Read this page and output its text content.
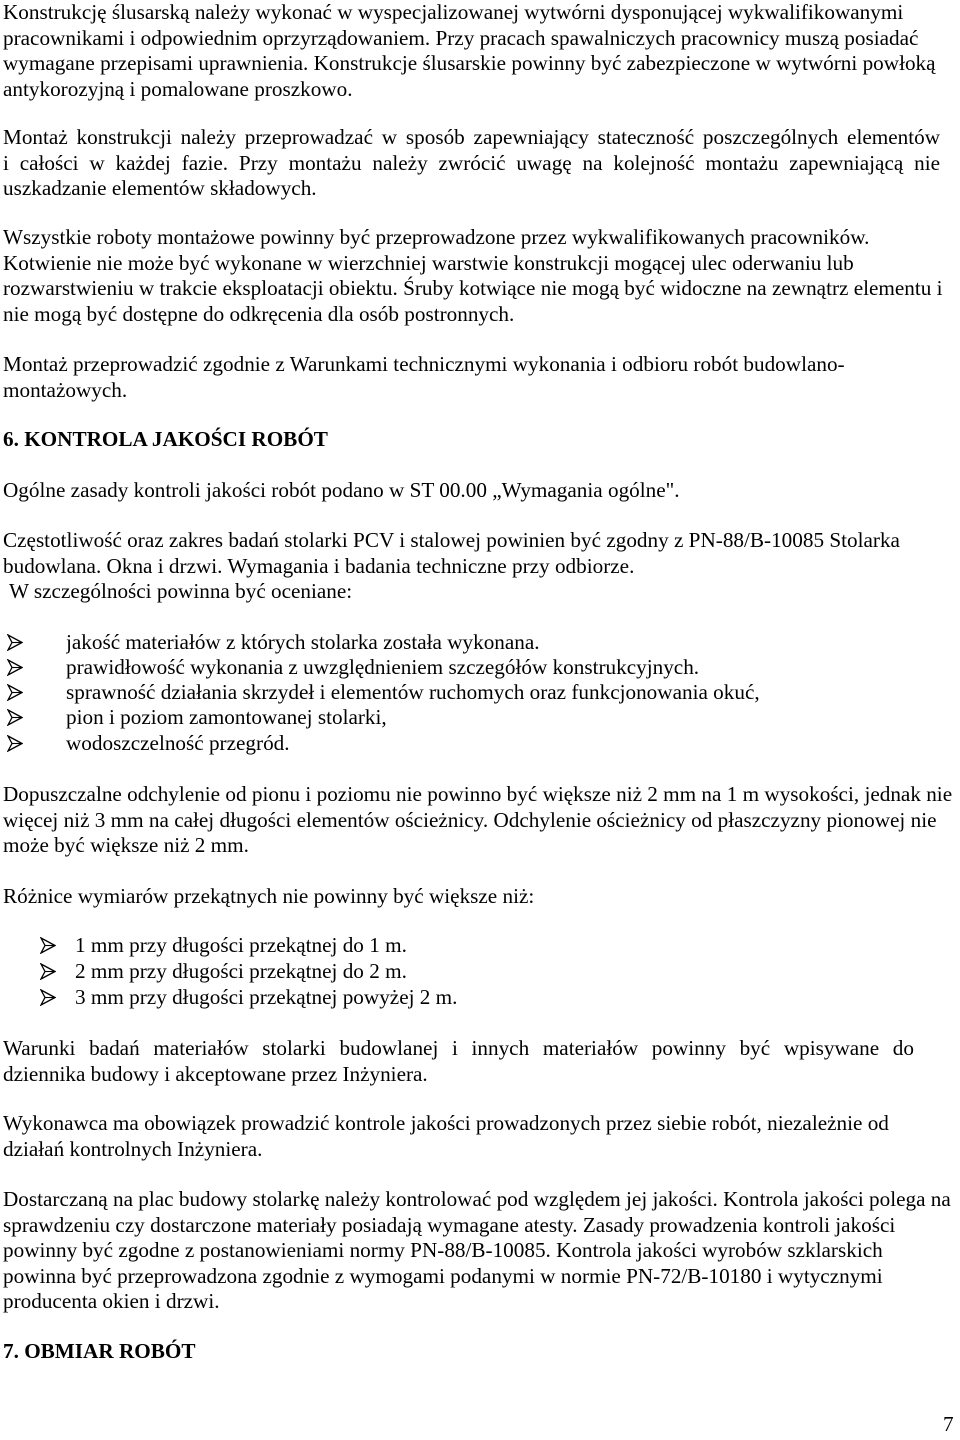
Konstrukcję ślusarską należy wykonać w wyspecjalizowanej wytwórni dysponującej wykwalifikowanymi
pracownikami i odpowiednim oprzyrządowaniem. Przy pracach spawalniczych pracownicy muszą posiadać
wymagane przepisami uprawnienia. Konstrukcje ślusarskie powinny być zabezpieczone w wytwórni powłoką
antykorozyjną i pomalowane proszkowo.
Montaż konstrukcji należy przeprowadzać w sposób zapewniający stateczność poszczególnych elementów
i całości w każdej fazie. Przy montażu należy zwrócić uwagę na kolejność montażu zapewniającą nie
uszkadzanie elementów składowych.
Wszystkie roboty montażowe powinny być przeprowadzone przez wykwalifikowanych pracowników.
Kotwienie nie może być wykonane w wierzchniej warstwie konstrukcji mogącej ulec oderwaniu lub
rozwarstwieniu w trakcie eksploatacji obiektu. Śruby kotwiące nie mogą być widoczne na zewnątrz elementu i
nie mogą być dostępne do odkręcenia dla osób postronnych.
Montaż przeprowadzić zgodnie z Warunkami technicznymi wykonania i odbioru robót budowlano-
montażowych.
6. KONTROLA JAKOŚCI ROBÓT
Ogólne zasady kontroli jakości robót podano w ST 00.00 „Wymagania ogólne".
Częstotliwość oraz zakres badań stolarki PCV i stalowej powinien być zgodny z PN-88/B-10085 Stolarka
budowlana. Okna i drzwi. Wymagania i badania techniczne przy odbiorze.
W szczególności powinna być oceniane:
jakość materiałów z których stolarka została wykonana.
prawidłowość wykonania z uwzględnieniem szczegółów konstrukcyjnych.
sprawność działania skrzydeł i elementów ruchomych oraz funkcjonowania okuć,
pion i poziom zamontowanej stolarki,
wodoszczelność przegród.
Dopuszczalne odchylenie od pionu i poziomu nie powinno być większe niż 2 mm na 1 m wysokości, jednak nie
więcej niż 3 mm na całej długości elementów ościeżnicy. Odchylenie ościeżnicy od płaszczyzny pionowej nie
może być większe niż 2 mm.
Różnice wymiarów przekątnych nie powinny być większe niż:
1 mm przy długości przekątnej do 1 m.
2 mm przy długości przekątnej do 2 m.
3 mm przy długości przekątnej powyżej 2 m.
Warunki badań materiałów stolarki budowlanej i innych materiałów powinny być wpisywane do
dziennika budowy i akceptowane przez Inżyniera.
Wykonawca ma obowiązek prowadzić kontrole jakości prowadzonych przez siebie robót, niezależnie od
działań kontrolnych Inżyniera.
Dostarczaną na plac budowy stolarkę należy kontrolować pod względem jej jakości. Kontrola jakości polega na
sprawdzeniu czy dostarczone materiały posiadają wymagane atesty. Zasady prowadzenia kontroli jakości
powinny być zgodne z postanowieniami normy PN-88/B-10085. Kontrola jakości wyrobów szklarskich
powinna być przeprowadzona zgodnie z wymogami podanymi w normie PN-72/B-10180 i wytycznymi
producenta okien i drzwi.
7. OBMIAR ROBÓT
7
